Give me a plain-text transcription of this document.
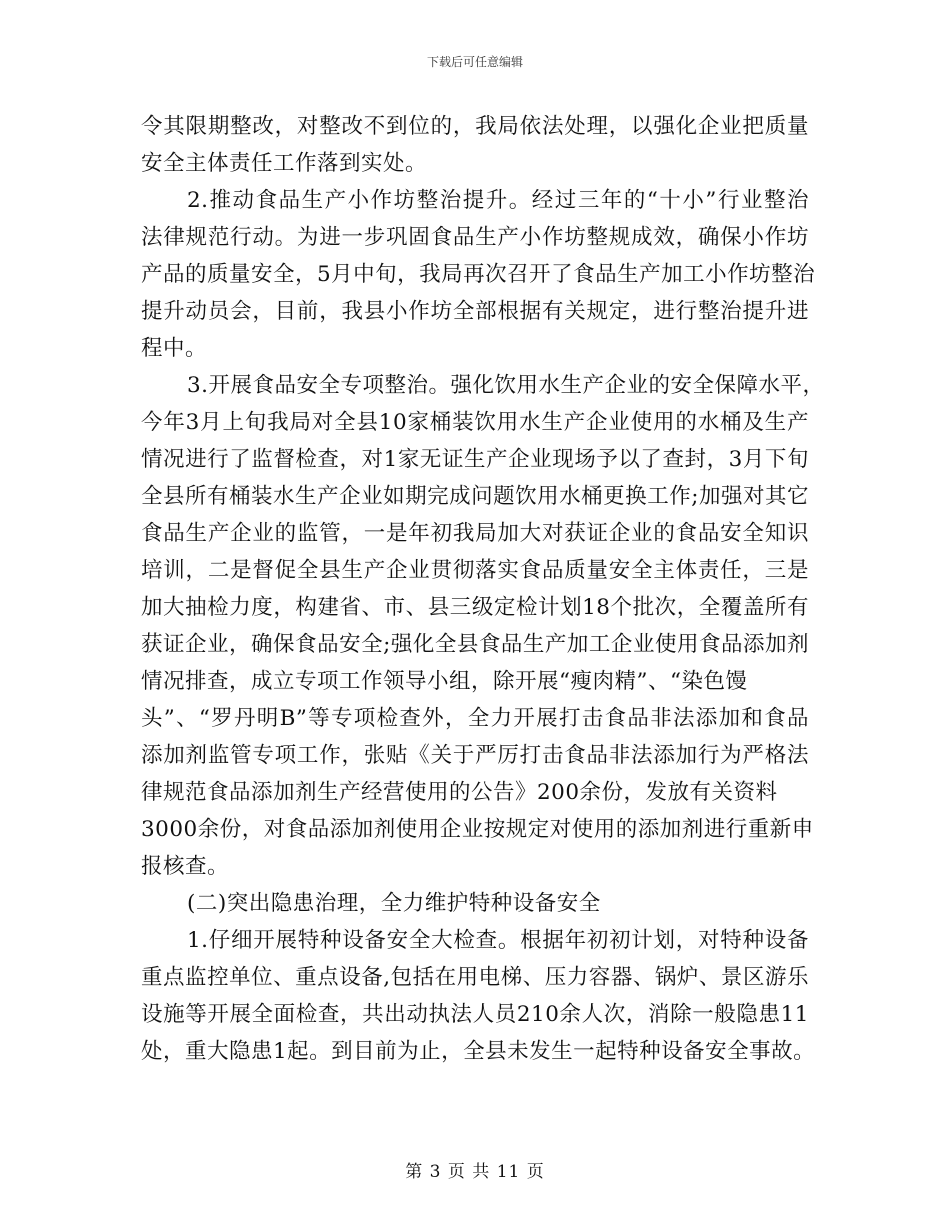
下载后可任意编辑
令其限期整改，对整改不到位的，我局依法处理，以强化企业把质量
安全主体责任工作落到实处。
2.推动食品生产小作坊整治提升。经过三年的“十小”行业整治
法律规范行动。为进一步巩固食品生产小作坊整规成效，确保小作坊
产品的质量安全，5月中旬，我局再次召开了食品生产加工小作坊整治
提升动员会，目前，我县小作坊全部根据有关规定，进行整治提升进
程中。
3.开展食品安全专项整治。强化饮用水生产企业的安全保障水平，
今年3月上旬我局对全县10家桶装饮用水生产企业使用的水桶及生产
情况进行了监督检查，对1家无证生产企业现场予以了查封，3月下旬
全县所有桶装水生产企业如期完成问题饮用水桶更换工作;加强对其它
食品生产企业的监管，一是年初我局加大对获证企业的食品安全知识
培训，二是督促全县生产企业贯彻落实食品质量安全主体责任，三是
加大抽检力度，构建省、市、县三级定检计划18个批次，全覆盖所有
获证企业，确保食品安全;强化全县食品生产加工企业使用食品添加剂
情况排查，成立专项工作领导小组，除开展“瘦肉精”、“染色馒
头”、“罗丹明B”等专项检查外，全力开展打击食品非法添加和食品
添加剂监管专项工作，张贴《关于严厉打击食品非法添加行为严格法
律规范食品添加剂生产经营使用的公告》200余份，发放有关资料
3000余份，对食品添加剂使用企业按规定对使用的添加剂进行重新申
报核查。
(二)突出隐患治理，全力维护特种设备安全
1.仔细开展特种设备安全大检查。根据年初初计划，对特种设备
重点监控单位、重点设备,包括在用电梯、压力容器、锅炉、景区游乐
设施等开展全面检查，共出动执法人员210余人次，消除一般隐患11
处，重大隐患1起。到目前为止，全县未发生一起特种设备安全事故。
第 3 页 共 11 页
